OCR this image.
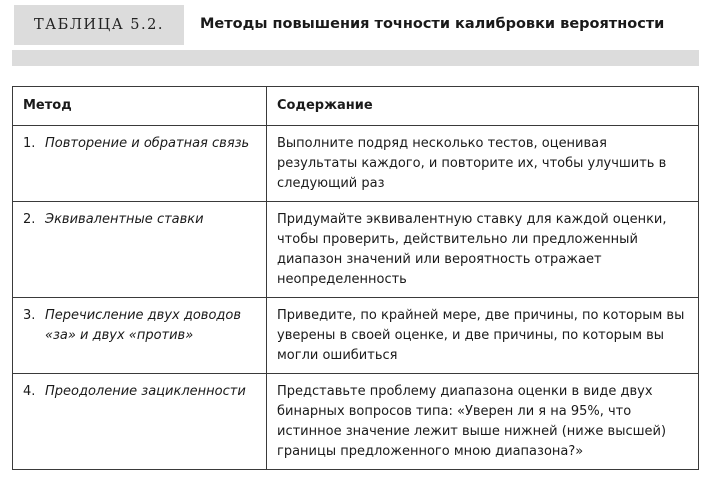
ТАБЛИЦА 5.2.	Методы повышения точности калибровки вероятности
Метод	Содержание

1. Повторение и обратная связь	Выполните подряд несколько тестов, оценивая результаты каждого, и повторите их, чтобы улучшить в следующий раз

2. Эквивалентные ставки	Придумайте эквивалентную ставку для каждой оценки, чтобы проверить, действительно ли предложенный диапазон значений или вероятность отражает неопределенность

3. Перечисление двух доводов «за» и двух «против»	Приведите, по крайней мере, две причины, по которым вы уверены в своей оценке, и две причины, по которым вы могли ошибиться

4. Преодоление зацикленности	Представьте проблему диапазона оценки в виде двух бинарных вопросов типа: «Уверен ли я на 95%, что истинное значение лежит выше нижней (ниже высшей) границы предложенного мною диапазона?»
